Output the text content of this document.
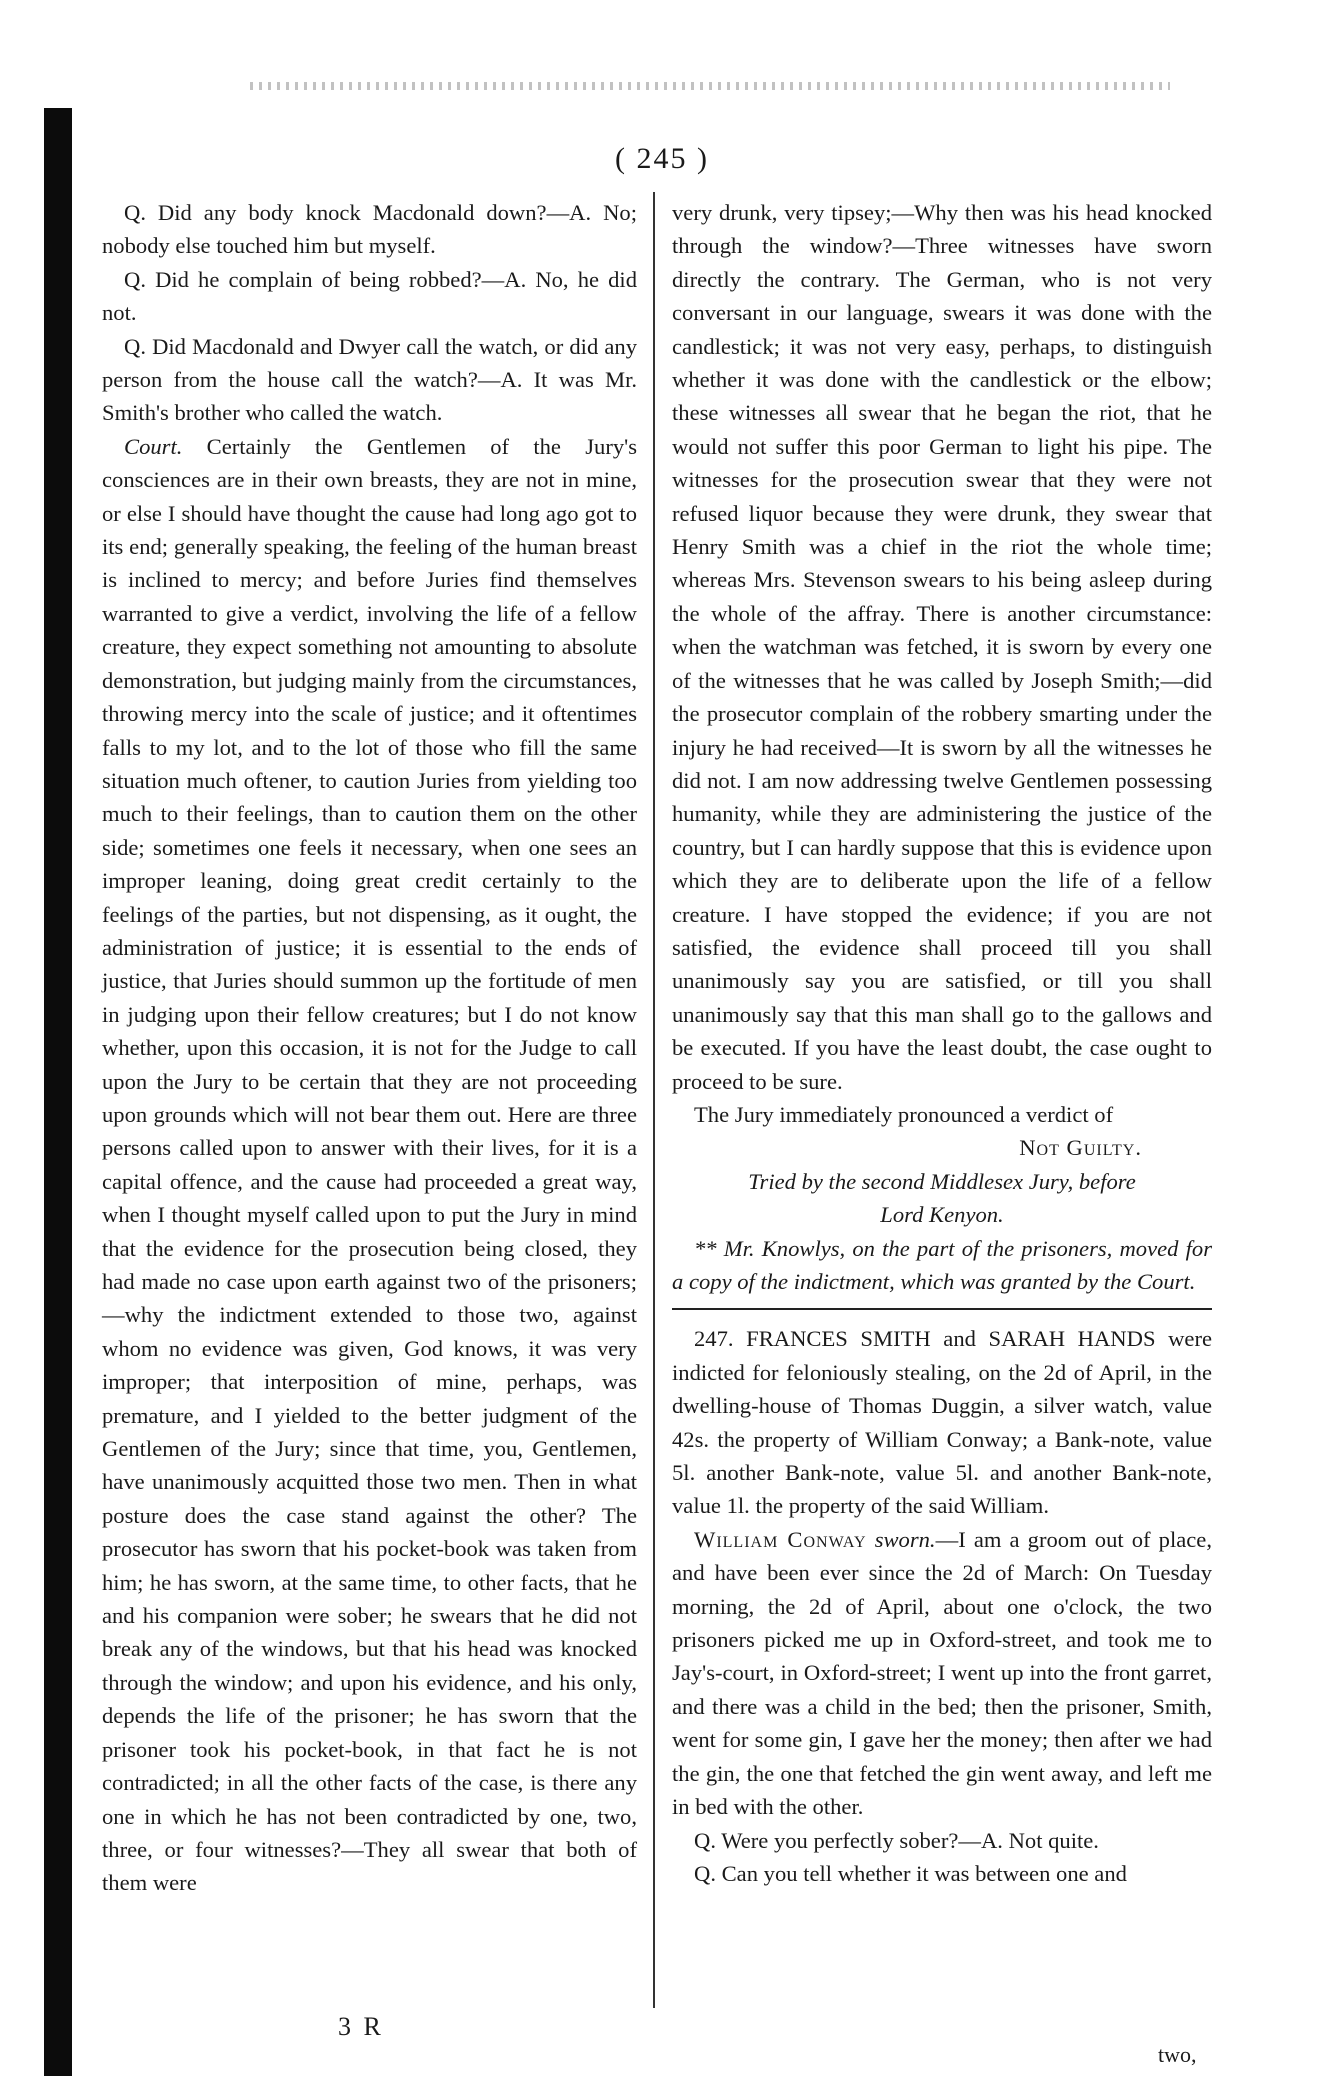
( 245 )

Q. Did any body knock Macdonald down?—A. No; nobody else touched him but myself.

Q. Did he complain of being robbed?—A. No, he did not.

Q. Did Macdonald and Dwyer call the watch, or did any person from the house call the watch?—A. It was Mr. Smith's brother who called the watch.

Court. Certainly the Gentlemen of the Jury's consciences are in their own breasts, they are not in mine, or else I should have thought the cause had long ago got to its end; generally speaking, the feeling of the human breast is inclined to mercy; and before Juries find themselves warranted to give a verdict, involving the life of a fellow creature, they expect something not amounting to absolute demonstration, but judging mainly from the circumstances, throwing mercy into the scale of justice; and it oftentimes falls to my lot, and to the lot of those who fill the same situation much oftener, to caution Juries from yielding too much to their feelings, than to caution them on the other side; sometimes one feels it necessary, when one sees an improper leaning, doing great credit certainly to the feelings of the parties, but not dispensing, as it ought, the administration of justice; it is essential to the ends of justice, that Juries should summon up the fortitude of men in judging upon their fellow creatures; but I do not know whether, upon this occasion, it is not for the Judge to call upon the Jury to be certain that they are not proceeding upon grounds which will not bear them out. Here are three persons called upon to answer with their lives, for it is a capital offence, and the cause had proceeded a great way, when I thought myself called upon to put the Jury in mind that the evidence for the prosecution being closed, they had made no case upon earth against two of the prisoners;—why the indictment extended to those two, against whom no evidence was given, God knows, it was very improper; that interposition of mine, perhaps, was premature, and I yielded to the better judgment of the Gentlemen of the Jury; since that time, you, Gentlemen, have unanimously acquitted those two men. Then in what posture does the case stand against the other? The prosecutor has sworn that his pocket-book was taken from him; he has sworn, at the same time, to other facts, that he and his companion were sober; he swears that he did not break any of the windows, but that his head was knocked through the window; and upon his evidence, and his only, depends the life of the prisoner; he has sworn that the prisoner took his pocket-book, in that fact he is not contradicted; in all the other facts of the case, is there any one in which he has not been contradicted by one, two, three, or four witnesses?—They all swear that both of them were

very drunk, very tipsey;—Why then was his head knocked through the window?—Three witnesses have sworn directly the contrary. The German, who is not very conversant in our language, swears it was done with the candlestick; it was not very easy, perhaps, to distinguish whether it was done with the candlestick or the elbow; these witnesses all swear that he began the riot, that he would not suffer this poor German to light his pipe. The witnesses for the prosecution swear that they were not refused liquor because they were drunk, they swear that Henry Smith was a chief in the riot the whole time; whereas Mrs. Stevenson swears to his being asleep during the whole of the affray. There is another circumstance: when the watchman was fetched, it is sworn by every one of the witnesses that he was called by Joseph Smith;—did the prosecutor complain of the robbery smarting under the injury he had received—It is sworn by all the witnesses he did not. I am now addressing twelve Gentlemen possessing humanity, while they are administering the justice of the country, but I can hardly suppose that this is evidence upon which they are to deliberate upon the life of a fellow creature. I have stopped the evidence; if you are not satisfied, the evidence shall proceed till you shall unanimously say you are satisfied, or till you shall unanimously say that this man shall go to the gallows and be executed. If you have the least doubt, the case ought to proceed to be sure.

The Jury immediately pronounced a verdict of

Not Guilty.

Tried by the second Middlesex Jury, before

Lord Kenyon.

** Mr. Knowlys, on the part of the prisoners, moved for a copy of the indictment, which was granted by the Court.

247. FRANCES SMITH and SARAH HANDS were indicted for feloniously stealing, on the 2d of April, in the dwelling-house of Thomas Duggin, a silver watch, value 42s. the property of William Conway; a Bank-note, value 5l. another Bank-note, value 5l. and another Bank-note, value 1l. the property of the said William.

William Conway sworn.—I am a groom out of place, and have been ever since the 2d of March: On Tuesday morning, the 2d of April, about one o'clock, the two prisoners picked me up in Oxford-street, and took me to Jay's-court, in Oxford-street; I went up into the front garret, and there was a child in the bed; then the prisoner, Smith, went for some gin, I gave her the money; then after we had the gin, the one that fetched the gin went away, and left me in bed with the other.

Q. Were you perfectly sober?—A. Not quite.

Q. Can you tell whether it was between one and

3 R
two,
